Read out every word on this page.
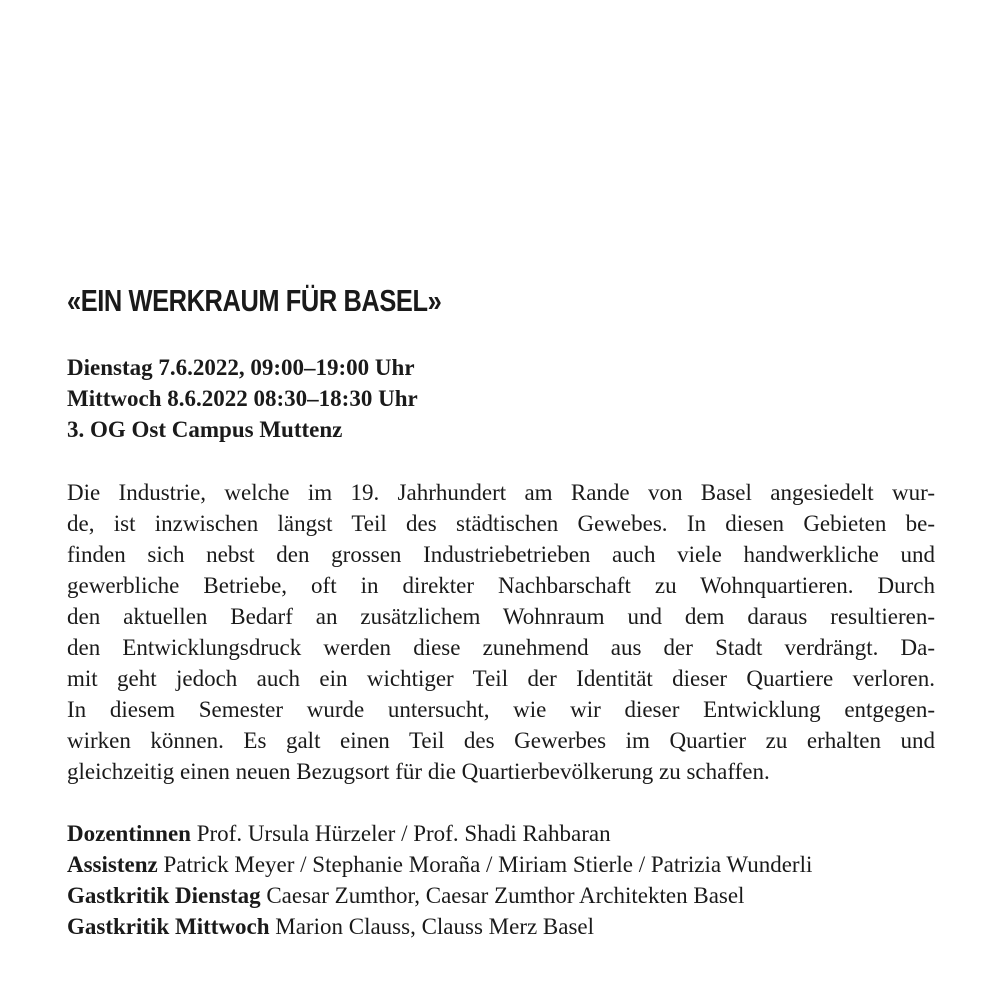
«EIN WERKRAUM FÜR BASEL»
Dienstag 7.6.2022, 09:00–19:00 Uhr
Mittwoch 8.6.2022 08:30–18:30 Uhr
3. OG Ost Campus Muttenz
Die Industrie, welche im 19. Jahrhundert am Rande von Basel angesiedelt wur-
de, ist inzwischen längst Teil des städtischen Gewebes. In diesen Gebieten be-
finden sich nebst den grossen Industriebetrieben auch viele handwerkliche und
gewerbliche Betriebe, oft in direkter Nachbarschaft zu Wohnquartieren. Durch
den aktuellen Bedarf an zusätzlichem Wohnraum und dem daraus resultieren-
den Entwicklungsdruck werden diese zunehmend aus der Stadt verdrängt. Da-
mit geht jedoch auch ein wichtiger Teil der Identität dieser Quartiere verloren.
In diesem Semester wurde untersucht, wie wir dieser Entwicklung entgegen-
wirken können. Es galt einen Teil des Gewerbes im Quartier zu erhalten und
gleichzeitig einen neuen Bezugsort für die Quartierbevölkerung zu schaffen.
Dozentinnen Prof. Ursula Hürzeler / Prof. Shadi Rahbaran
Assistenz Patrick Meyer / Stephanie Moraña / Miriam Stierle / Patrizia Wunderli
Gastkritik Dienstag Caesar Zumthor, Caesar Zumthor Architekten Basel
Gastkritik Mittwoch Marion Clauss, Clauss Merz Basel
